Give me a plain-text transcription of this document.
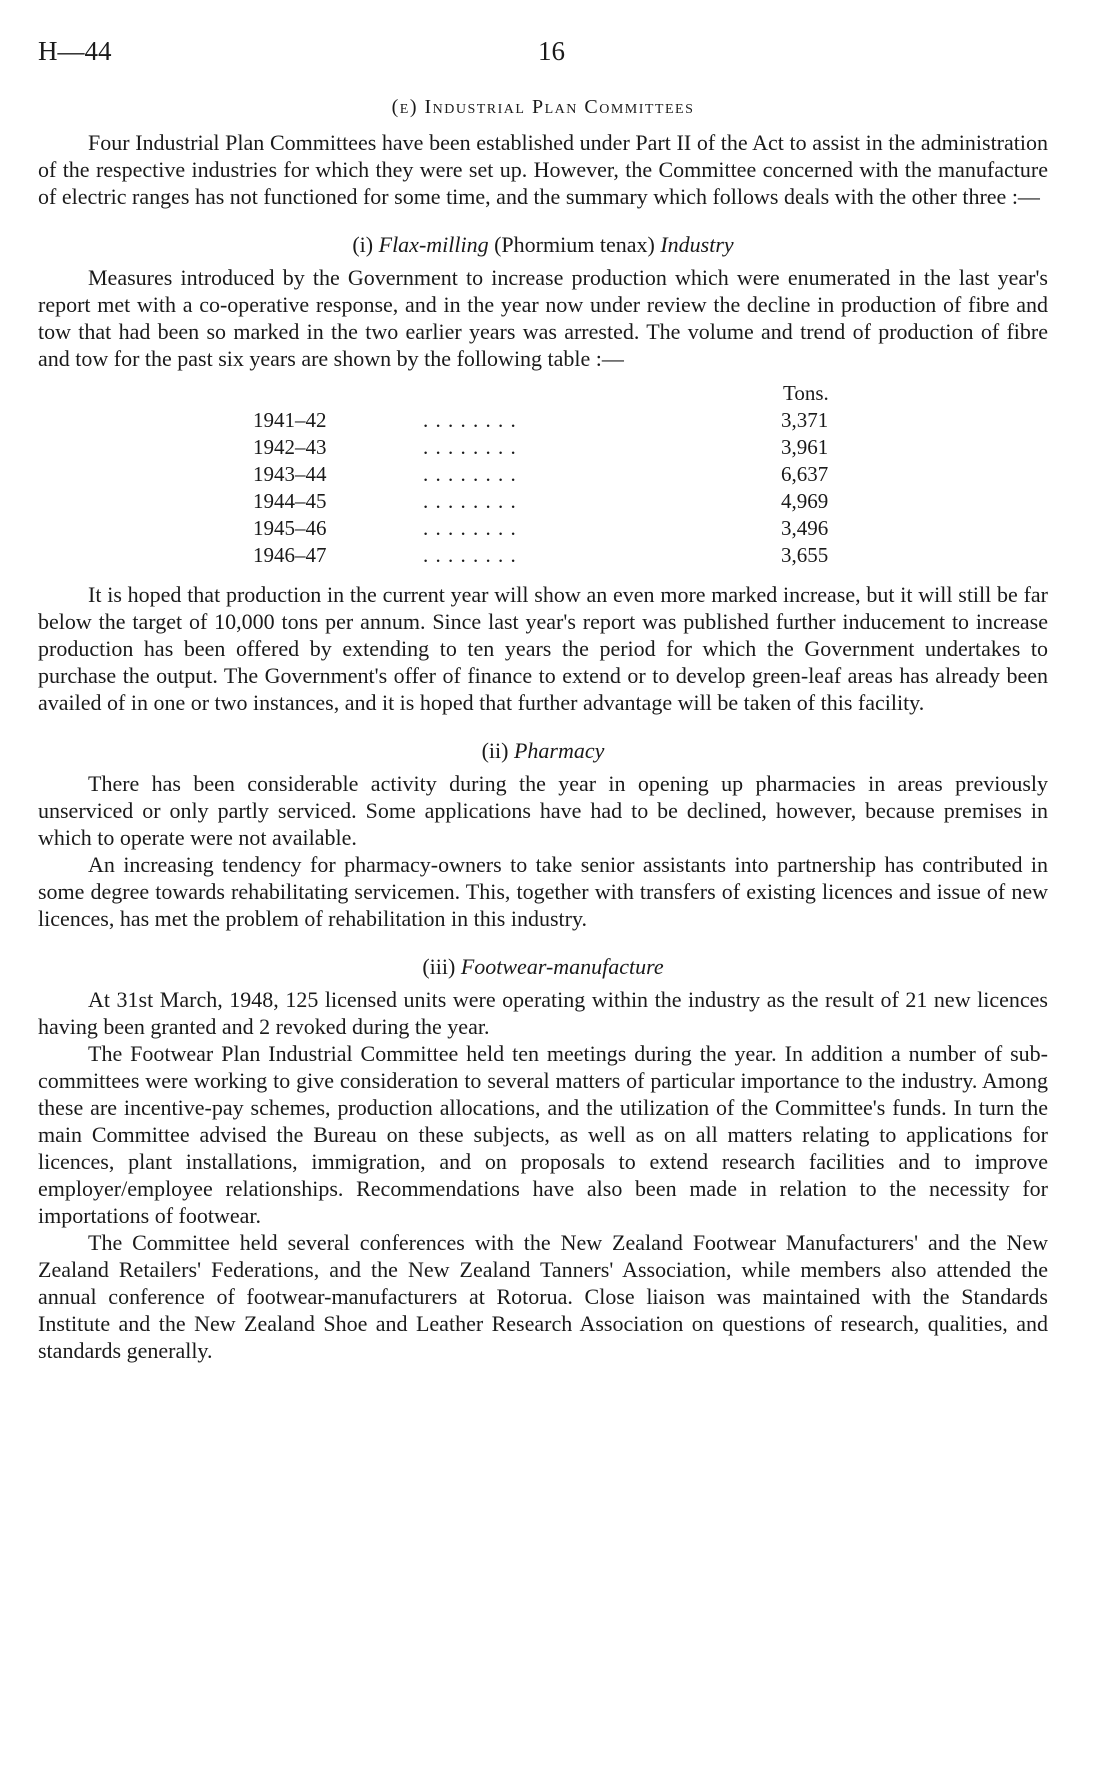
H—44	16
(e) Industrial Plan Committees

Four Industrial Plan Committees have been established under Part II of the Act to assist in the administration of the respective industries for which they were set up. However, the Committee concerned with the manufacture of electric ranges has not functioned for some time, and the summary which follows deals with the other three :—

(i) Flax-milling (Phormium tenax) Industry

Measures introduced by the Government to increase production which were enumerated in the last year's report met with a co-operative response, and in the year now under review the decline in production of fibre and tow that had been so marked in the two earlier years was arrested. The volume and trend of production of fibre and tow for the past six years are shown by the following table :—

Tons.
1941–42	. . . . . . . .	3,371
1942–43	. . . . . . . .	3,961
1943–44	. . . . . . . .	6,637
1944–45	. . . . . . . .	4,969
1945–46	. . . . . . . .	3,496
1946–47	. . . . . . . .	3,655

It is hoped that production in the current year will show an even more marked increase, but it will still be far below the target of 10,000 tons per annum. Since last year's report was published further inducement to increase production has been offered by extending to ten years the period for which the Government undertakes to purchase the output. The Government's offer of finance to extend or to develop green-leaf areas has already been availed of in one or two instances, and it is hoped that further advantage will be taken of this facility.

(ii) Pharmacy

There has been considerable activity during the year in opening up pharmacies in areas previously unserviced or only partly serviced. Some applications have had to be declined, however, because premises in which to operate were not available.

An increasing tendency for pharmacy-owners to take senior assistants into partnership has contributed in some degree towards rehabilitating servicemen. This, together with transfers of existing licences and issue of new licences, has met the problem of rehabilitation in this industry.

(iii) Footwear-manufacture

At 31st March, 1948, 125 licensed units were operating within the industry as the result of 21 new licences having been granted and 2 revoked during the year.

The Footwear Plan Industrial Committee held ten meetings during the year. In addition a number of sub-committees were working to give consideration to several matters of particular importance to the industry. Among these are incentive-pay schemes, production allocations, and the utilization of the Committee's funds. In turn the main Committee advised the Bureau on these subjects, as well as on all matters relating to applications for licences, plant installations, immigration, and on proposals to extend research facilities and to improve employer/employee relationships. Recommendations have also been made in relation to the necessity for importations of footwear.

The Committee held several conferences with the New Zealand Footwear Manufacturers' and the New Zealand Retailers' Federations, and the New Zealand Tanners' Association, while members also attended the annual conference of footwear-manufacturers at Rotorua. Close liaison was maintained with the Standards Institute and the New Zealand Shoe and Leather Research Association on questions of research, qualities, and standards generally.
